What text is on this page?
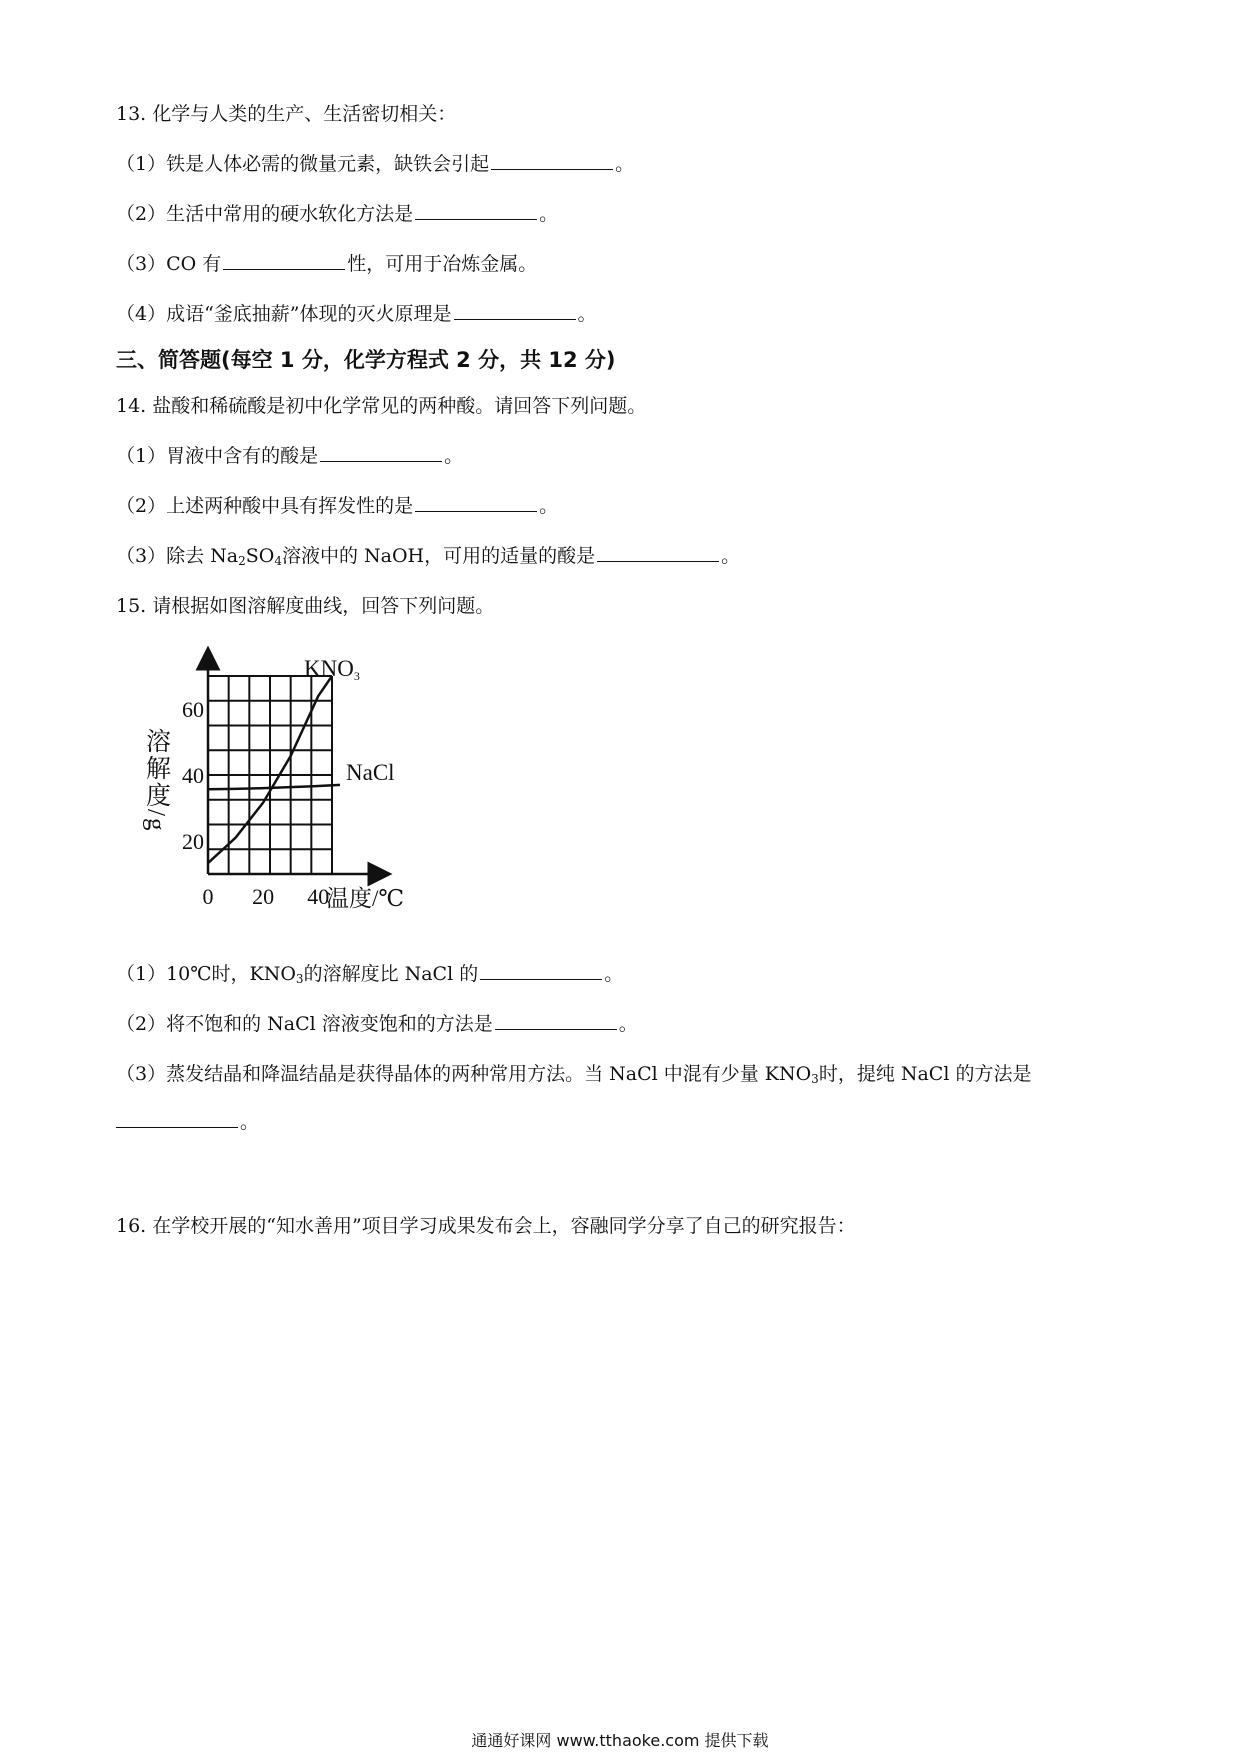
13. 化学与人类的生产、生活密切相关：
（1）铁是人体必需的微量元素，缺铁会引起	。
（2）生活中常用的硬水软化方法是	。
（3）CO 有	性，可用于冶炼金属。
（4）成语“釜底抽薪”体现的灭火原理是	。
三、简答题(每空 1 分，化学方程式 2 分，共 12 分)
14. 盐酸和稀硫酸是初中化学常见的两种酸。请回答下列问题。
（1）胃液中含有的酸是	。
（2）上述两种酸中具有挥发性的是	。
（3）除去 $Na_2SO_4$溶液中的 NaOH，可用的适量的酸是	。
15. 请根据如图溶解度曲线，回答下列问题。
20
40
60
0 20 40
溶解度/g
温度/℃
KNO3
NaCl
（1）10℃时，$KNO_3$的溶解度比 NaCl 的	。
（2）将不饱和的 NaCl 溶液变饱和的方法是	。
（3）蒸发结晶和降温结晶是获得晶体的两种常用方法。当 NaCl 中混有少量 $KNO_3$时，提纯 NaCl 的方法是
。
16. 在学校开展的“知水善用”项目学习成果发布会上，容融同学分享了自己的研究报告：
通通好课网 www.tthaoke.com 提供下载
